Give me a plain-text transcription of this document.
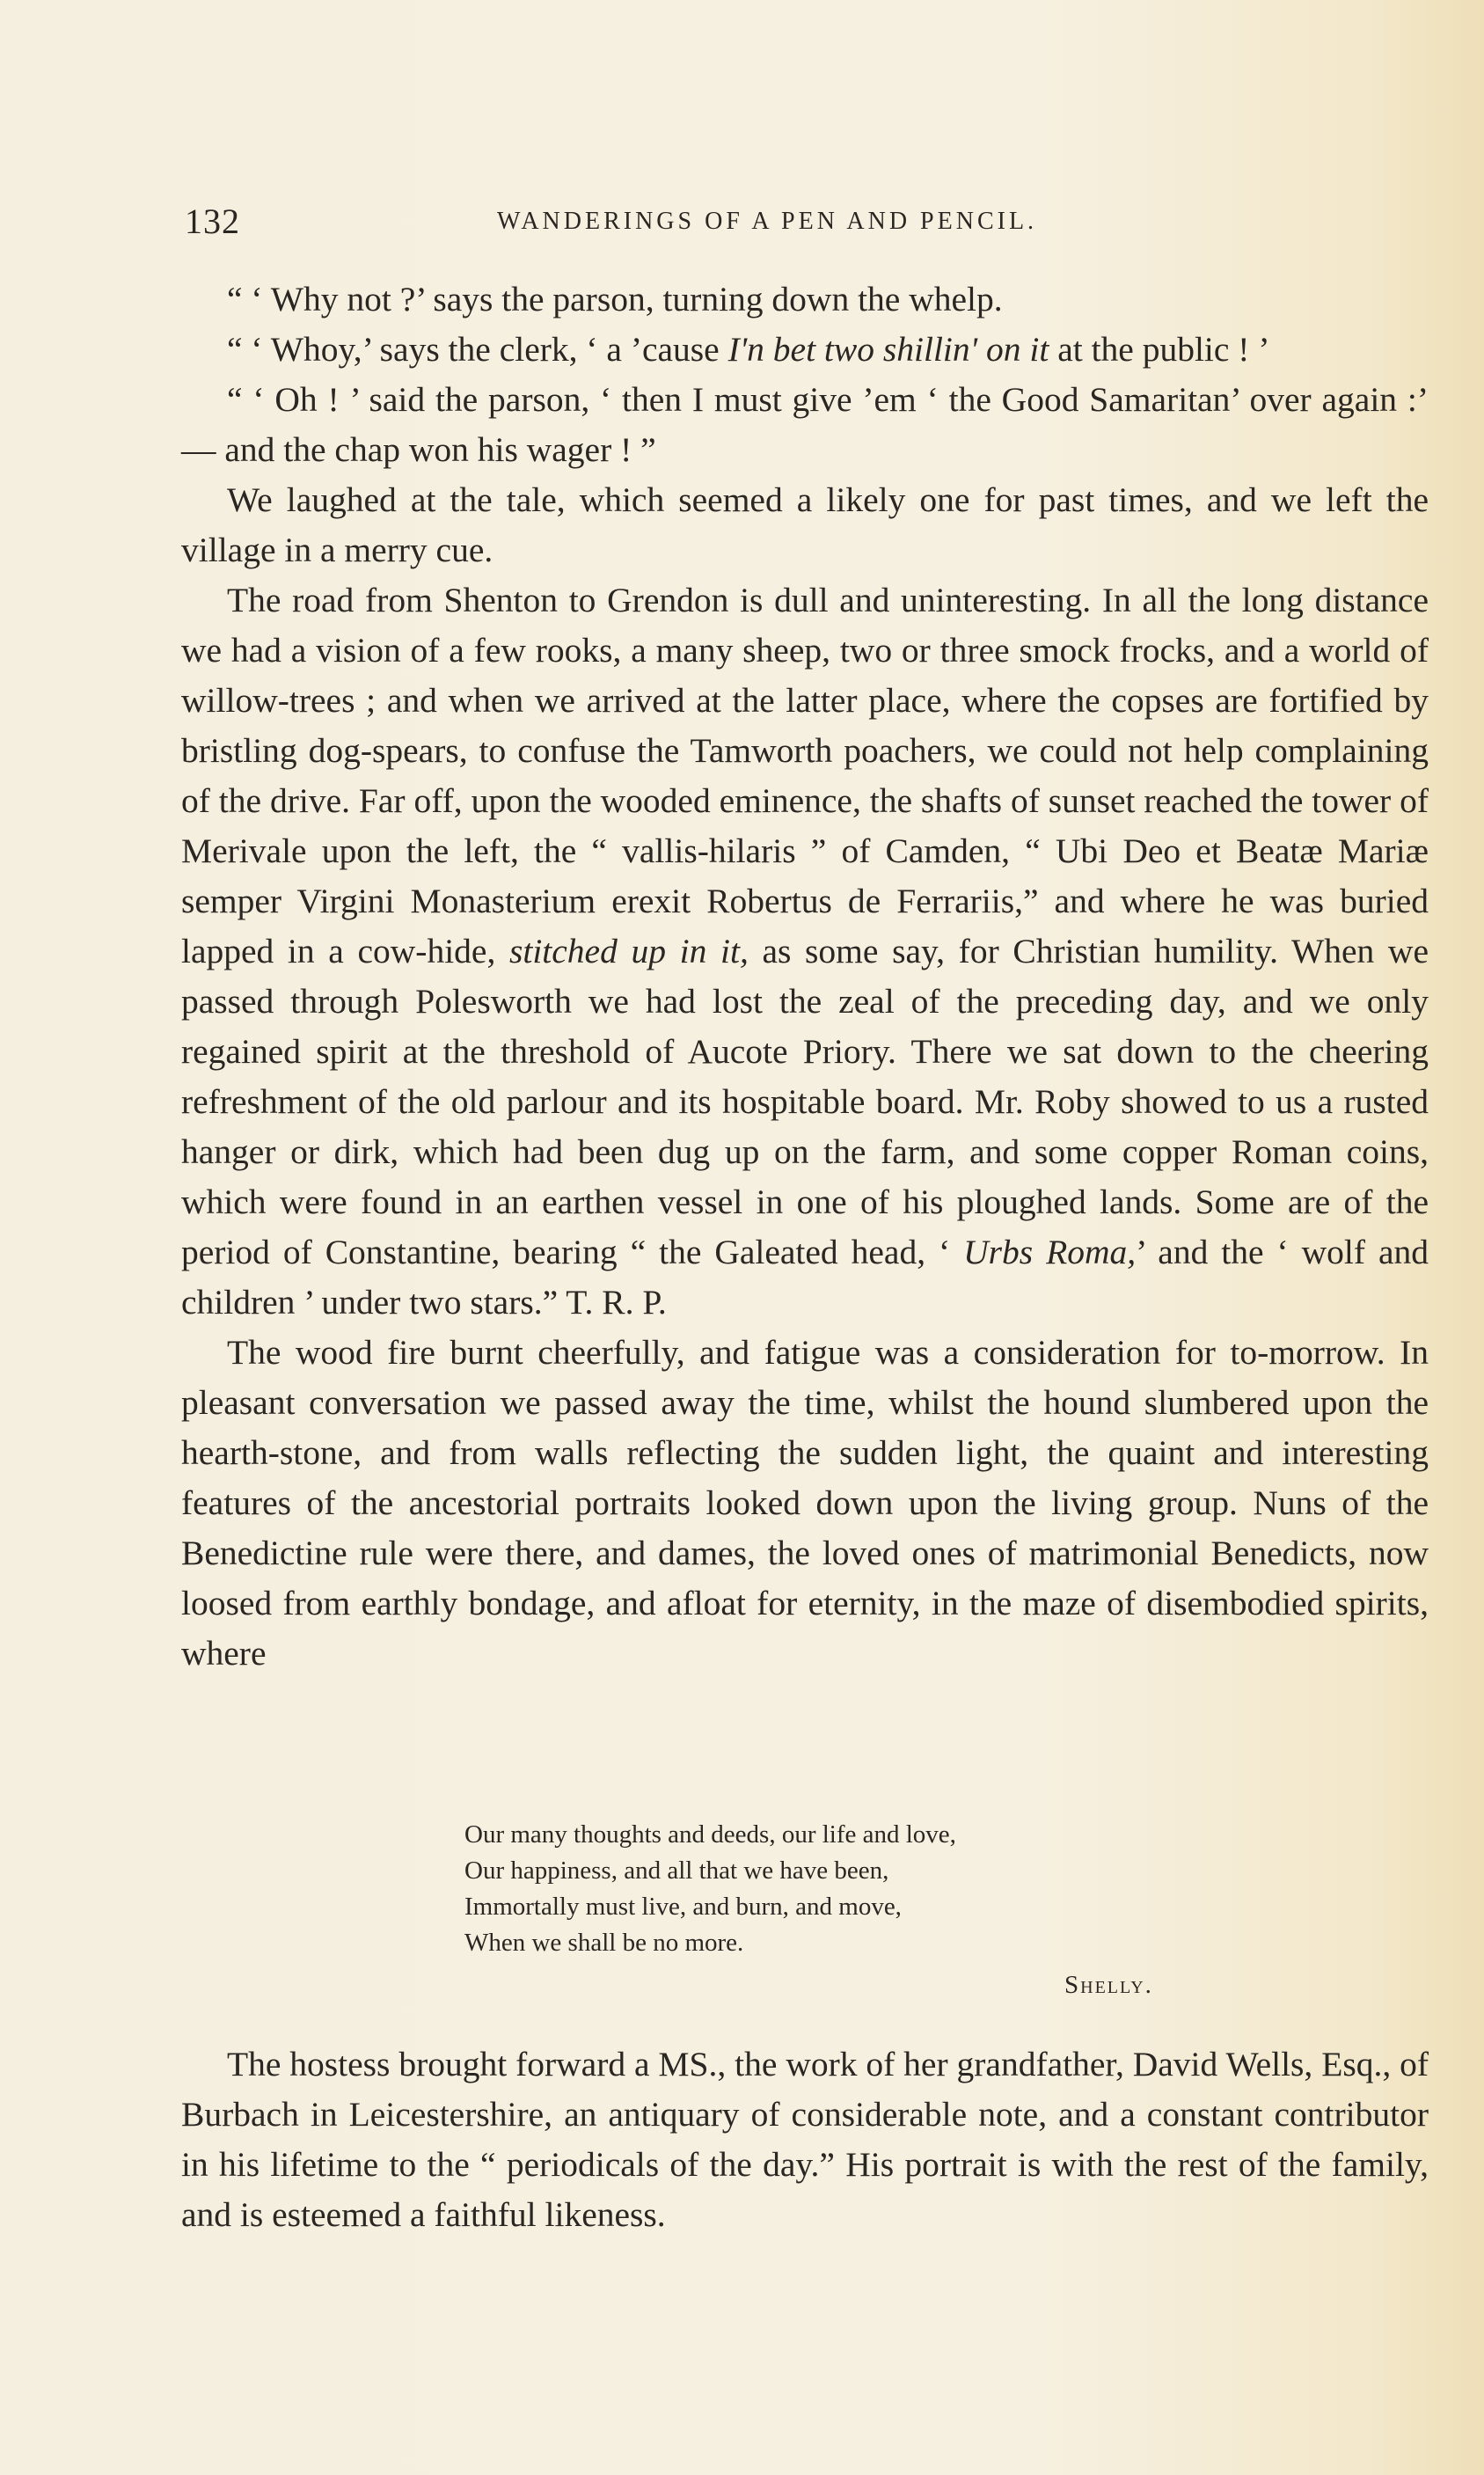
132	WANDERINGS OF A PEN AND PENCIL.

“ ‘ Why not ?’ says the parson, turning down the whelp.

“ ‘ Whoy,’ says the clerk, ‘ a ’cause I'n bet two shillin' on it at the public ! ’

“ ‘ Oh ! ’ said the parson, ‘ then I must give ’em ‘ the Good Samaritan’ over again :’ — and the chap won his wager ! ”

We laughed at the tale, which seemed a likely one for past times, and we left the village in a merry cue.

The road from Shenton to Grendon is dull and uninteresting. In all the long distance we had a vision of a few rooks, a many sheep, two or three smock frocks, and a world of willow-trees ; and when we arrived at the latter place, where the copses are fortified by bristling dog-spears, to confuse the Tamworth poachers, we could not help complaining of the drive. Far off, upon the wooded eminence, the shafts of sunset reached the tower of Merivale upon the left, the “ vallis-hilaris ” of Camden, “ Ubi Deo et Beatæ Mariæ semper Virgini Monasterium erexit Robertus de Ferrariis,” and where he was buried lapped in a cow-hide, stitched up in it, as some say, for Christian humility. When we passed through Polesworth we had lost the zeal of the preceding day, and we only regained spirit at the threshold of Aucote Priory. There we sat down to the cheering refreshment of the old parlour and its hospitable board. Mr. Roby showed to us a rusted hanger or dirk, which had been dug up on the farm, and some copper Roman coins, which were found in an earthen vessel in one of his ploughed lands. Some are of the period of Constantine, bearing “ the Galeated head, ‘ Urbs Roma,’ and the ‘ wolf and children ’ under two stars.” T. R. P.

The wood fire burnt cheerfully, and fatigue was a consideration for to-morrow. In pleasant conversation we passed away the time, whilst the hound slumbered upon the hearth-stone, and from walls reflecting the sudden light, the quaint and interesting features of the ancestorial portraits looked down upon the living group. Nuns of the Benedictine rule were there, and dames, the loved ones of matrimonial Benedicts, now loosed from earthly bondage, and afloat for eternity, in the maze of disembodied spirits, where

Our many thoughts and deeds, our life and love,
Our happiness, and all that we have been,
Immortally must live, and burn, and move,
When we shall be no more.
Shelly.

The hostess brought forward a MS., the work of her grandfather, David Wells, Esq., of Burbach in Leicestershire, an antiquary of considerable note, and a constant contributor in his lifetime to the “ periodicals of the day.” His portrait is with the rest of the family, and is esteemed a faithful likeness.
